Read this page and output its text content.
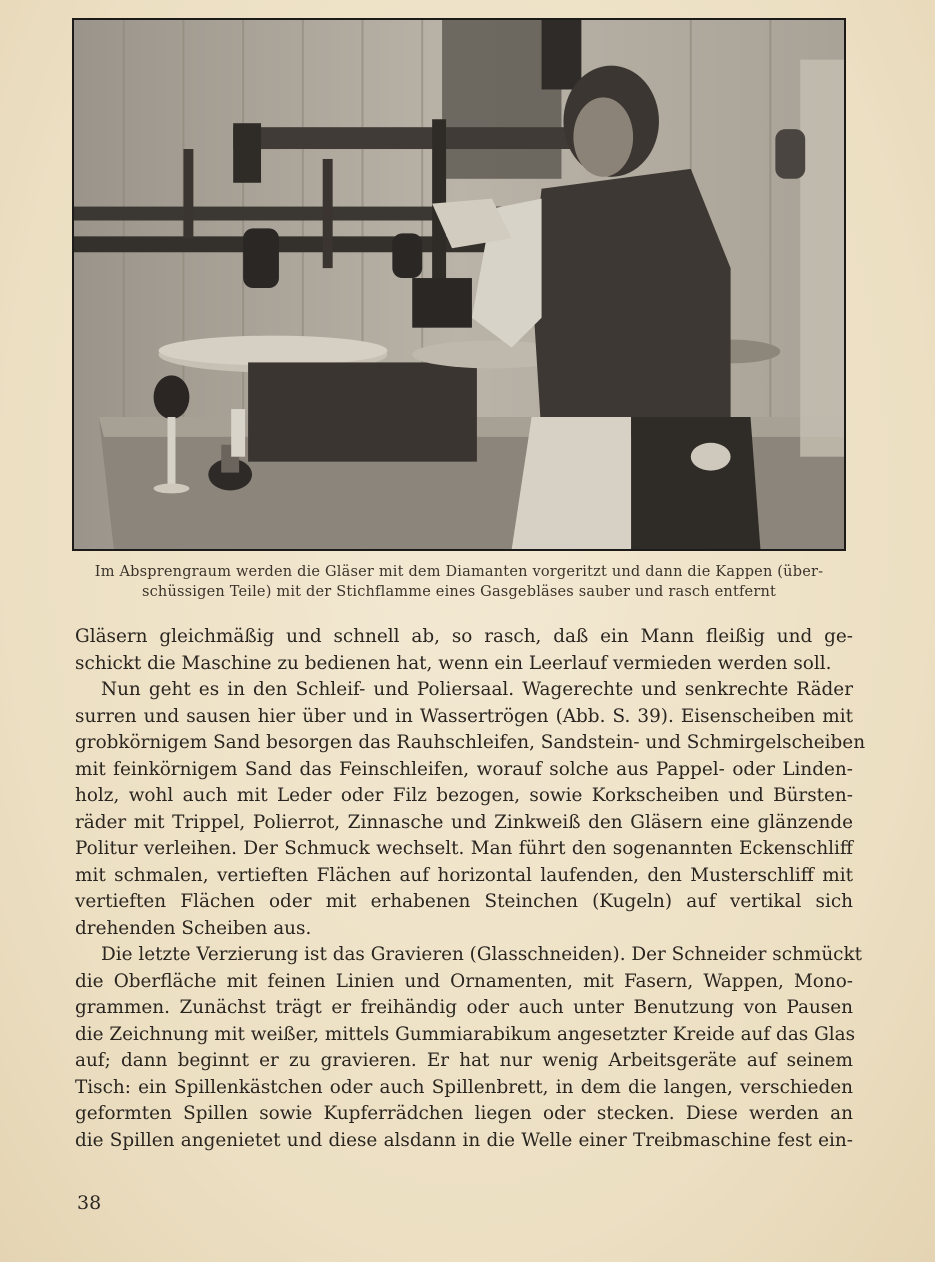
Im Absprengraum werden die Gläser mit dem Diamanten vorgeritzt und dann die Kappen (über-
schüssigen Teile) mit der Stichflamme eines Gasgebläses sauber und rasch entfernt
Gläsern gleichmäßig und schnell ab, so rasch, daß ein Mann fleißig und ge-
schickt die Maschine zu bedienen hat, wenn ein Leerlauf vermieden werden soll.
Nun geht es in den Schleif- und Poliersaal. Wagerechte und senkrechte Räder
surren und sausen hier über und in Wassertrögen (Abb. S. 39). Eisenscheiben mit
grobkörnigem Sand besorgen das Rauhschleifen, Sandstein- und Schmirgelscheiben
mit feinkörnigem Sand das Feinschleifen, worauf solche aus Pappel- oder Linden-
holz, wohl auch mit Leder oder Filz bezogen, sowie Korkscheiben und Bürsten-
räder mit Trippel, Polierrot, Zinnasche und Zinkweiß den Gläsern eine glänzende
Politur verleihen. Der Schmuck wechselt. Man führt den sogenannten Eckenschliff
mit schmalen, vertieften Flächen auf horizontal laufenden, den Musterschliff mit
vertieften Flächen oder mit erhabenen Steinchen (Kugeln) auf vertikal sich
drehenden Scheiben aus.
Die letzte Verzierung ist das Gravieren (Glasschneiden). Der Schneider schmückt
die Oberfläche mit feinen Linien und Ornamenten, mit Fasern, Wappen, Mono-
grammen. Zunächst trägt er freihändig oder auch unter Benutzung von Pausen
die Zeichnung mit weißer, mittels Gummiarabikum angesetzter Kreide auf das Glas
auf; dann beginnt er zu gravieren. Er hat nur wenig Arbeitsgeräte auf seinem
Tisch: ein Spillenkästchen oder auch Spillenbrett, in dem die langen, verschieden
geformten Spillen sowie Kupferrädchen liegen oder stecken. Diese werden an
die Spillen angenietet und diese alsdann in die Welle einer Treibmaschine fest ein-
38
